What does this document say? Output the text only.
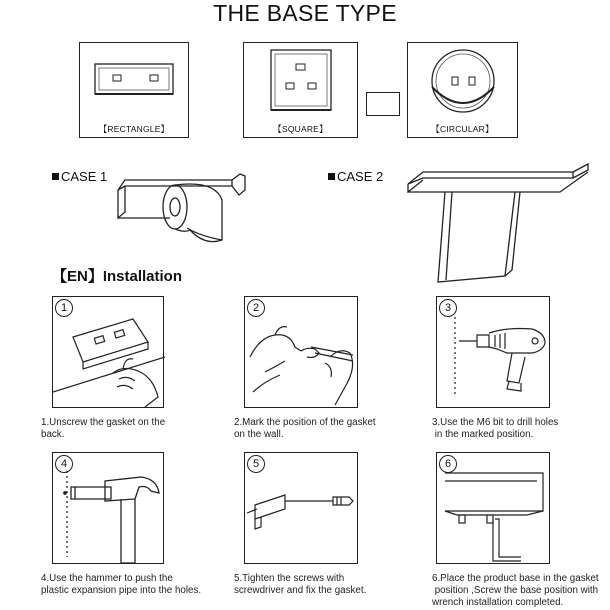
THE BASE TYPE
【RECTANGLE】	【SQUARE】	【CIRCULAR】
CASE 1	CASE 2
【EN】Installation
1
1.Unscrew the gasket on the
back.
2
2.Mark the position of the gasket
on the wall.
3
3.Use the M6 bit to drill holes
in the marked position.
4
4.Use the hammer to push the
plastic expansion pipe into the holes.
5
5.Tighten the screws with
screwdriver and fix the gasket.
6
6.Place the product base in the gasket
position ,Screw the base position with
wrench installation completed.
